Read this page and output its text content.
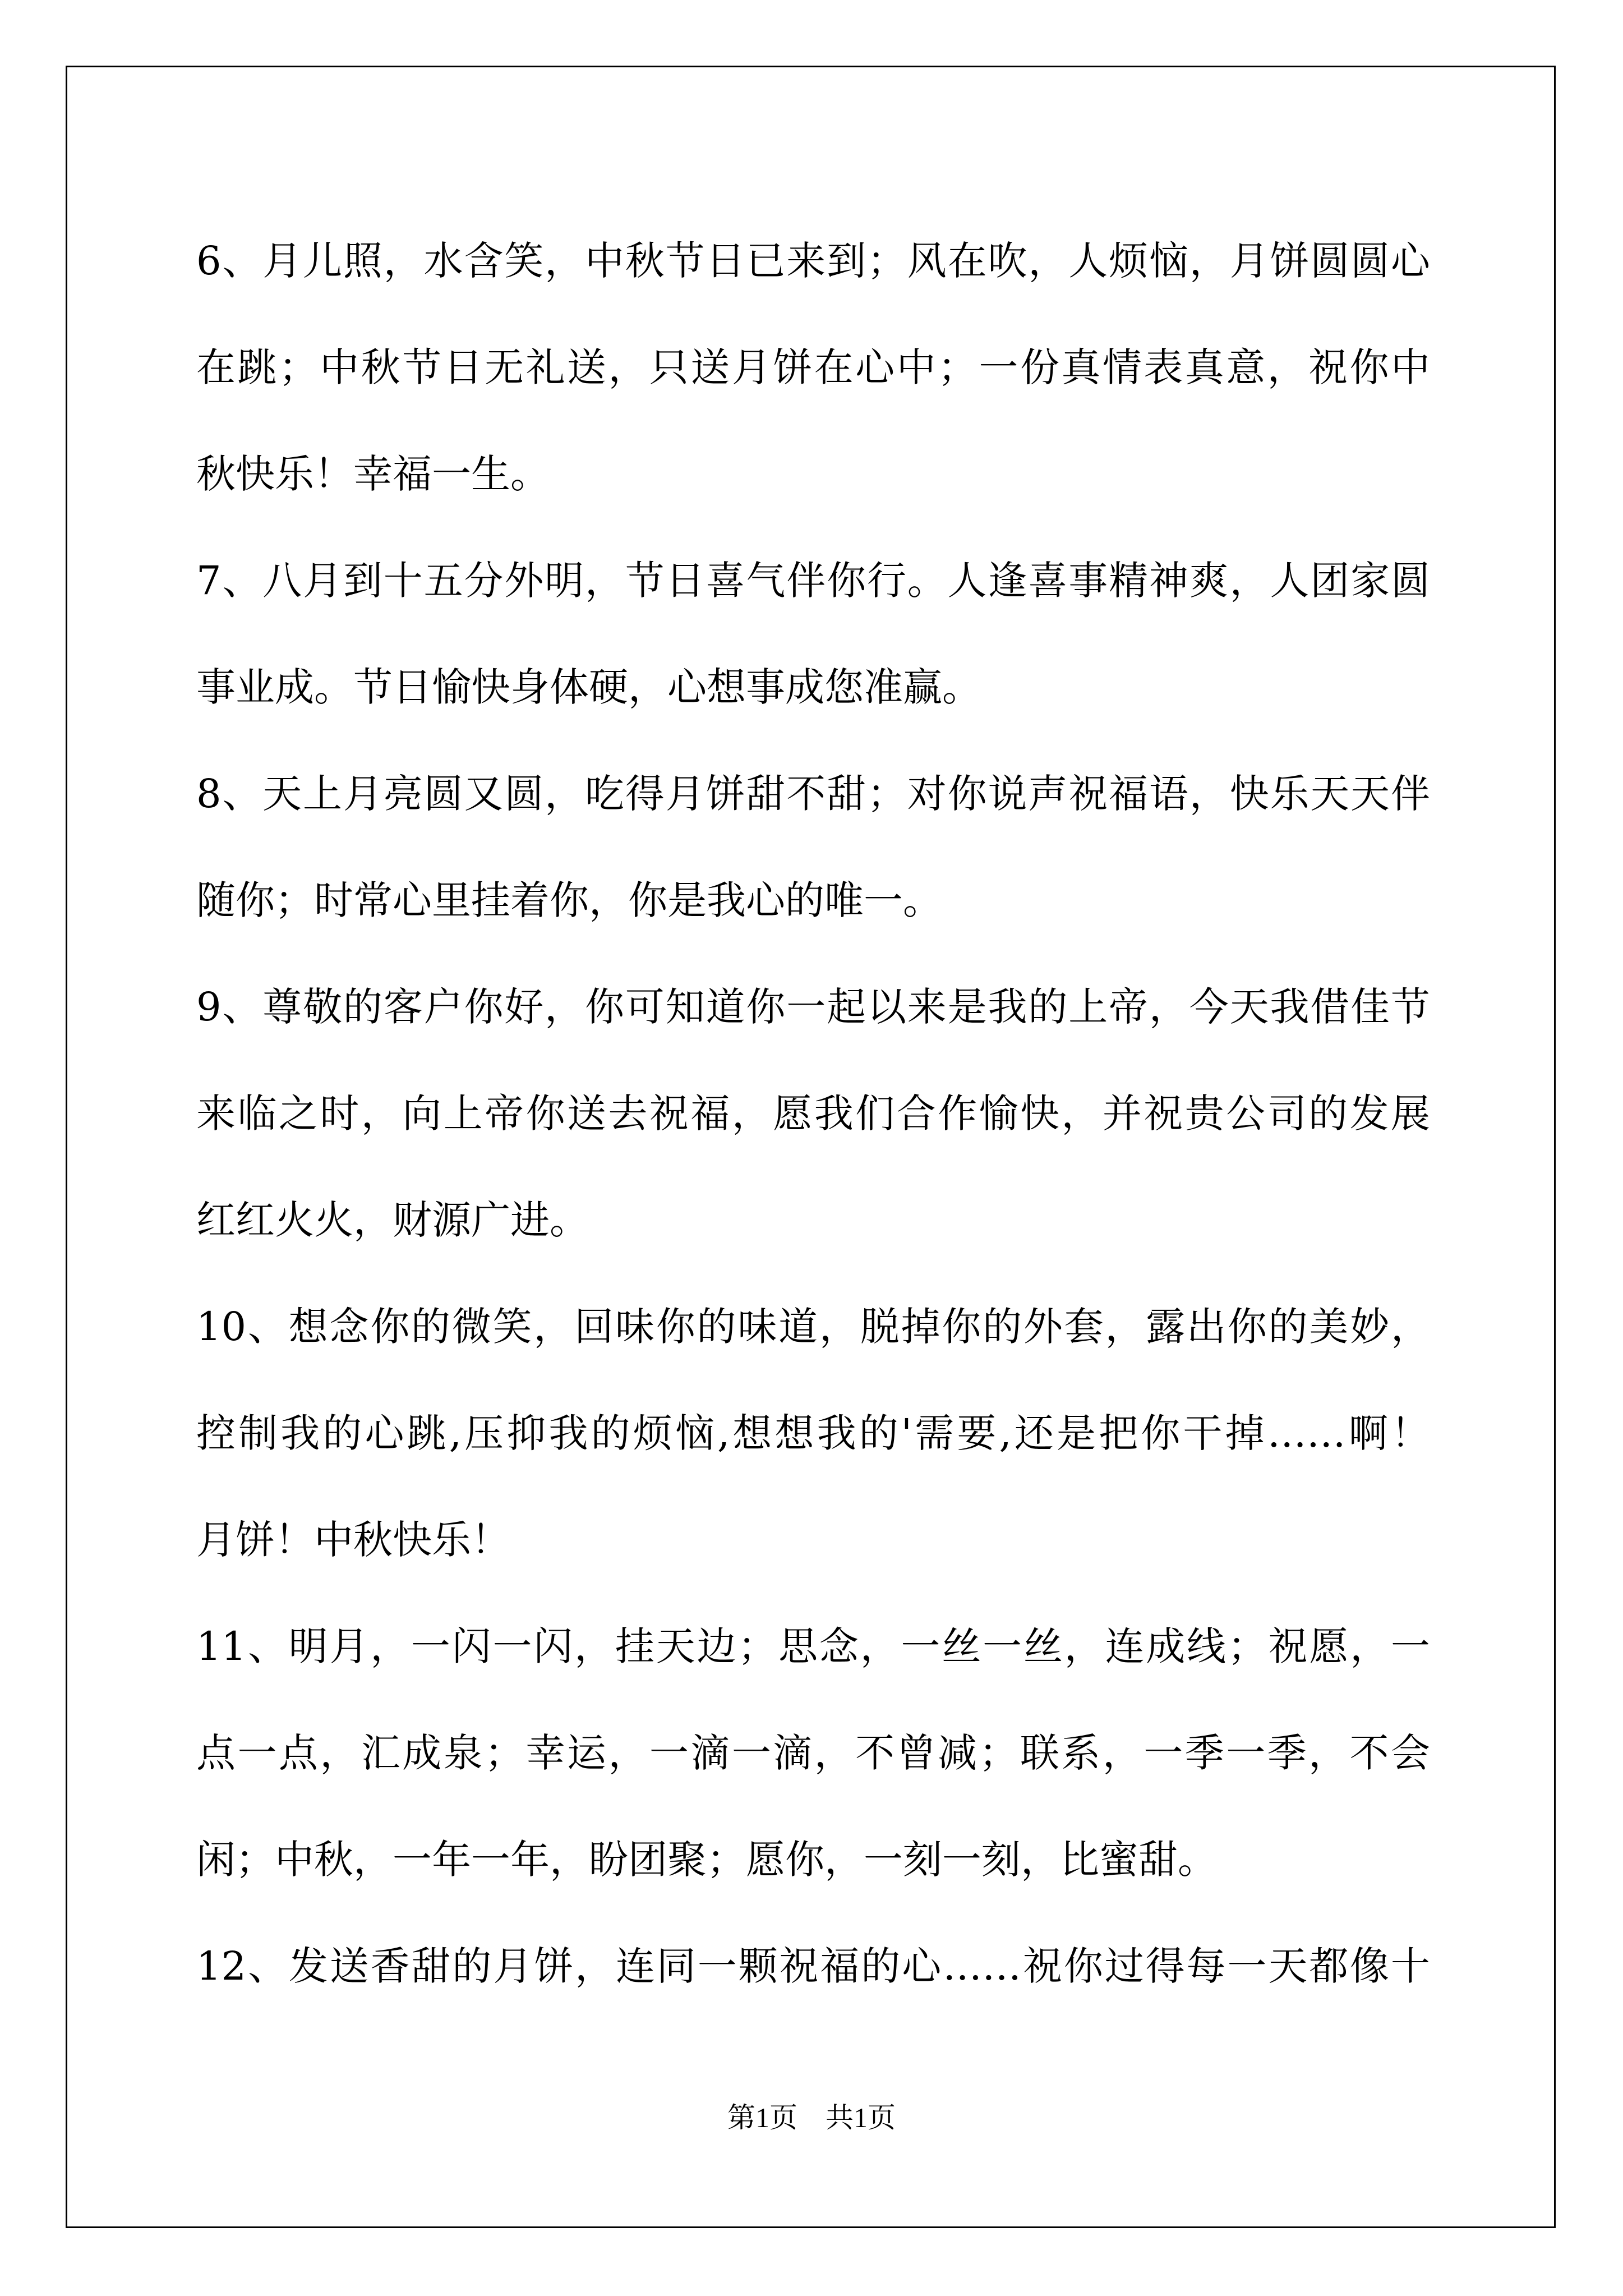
6、月儿照，水含笑，中秋节日已来到；风在吹，人烦恼，月饼圆圆心
在跳；中秋节日无礼送，只送月饼在心中；一份真情表真意，祝你中
秋快乐！幸福一生。
7、八月到十五分外明，节日喜气伴你行。人逢喜事精神爽，人团家圆
事业成。节日愉快身体硬，心想事成您准赢。
8、天上月亮圆又圆，吃得月饼甜不甜；对你说声祝福语，快乐天天伴
随你；时常心里挂着你，你是我心的唯一。
9、尊敬的客户你好，你可知道你一起以来是我的上帝，今天我借佳节
来临之时，向上帝你送去祝福，愿我们合作愉快，并祝贵公司的发展
红红火火，财源广进。
10、想念你的微笑，回味你的味道，脱掉你的外套，露出你的美妙，
控制我的心跳,压抑我的烦恼,想想我的'需要,还是把你干掉……啊！
月饼！中秋快乐！
11、明月，一闪一闪，挂天边；思念，一丝一丝，连成线；祝愿，一
点一点，汇成泉；幸运，一滴一滴，不曾减；联系，一季一季，不会
闲；中秋，一年一年，盼团聚；愿你，一刻一刻，比蜜甜。
12、发送香甜的月饼，连同一颗祝福的心……祝你过得每一天都像十
第1页　共1页
